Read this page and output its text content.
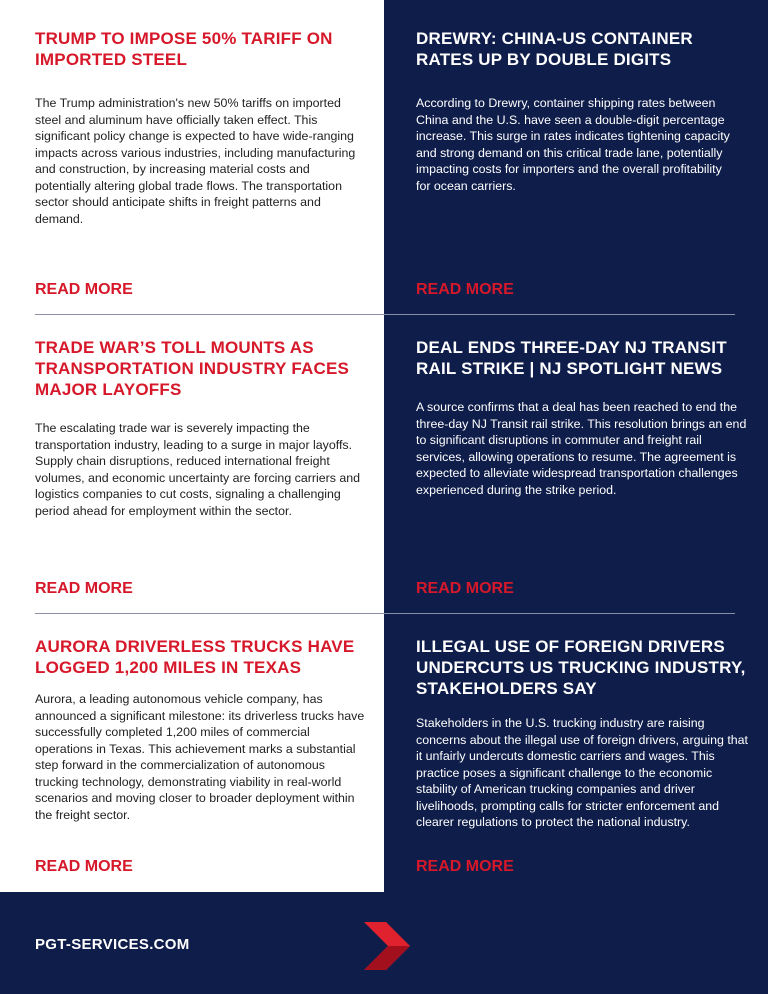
TRUMP TO IMPOSE 50% TARIFF ON IMPORTED STEEL

The Trump administration's new 50% tariffs on imported steel and aluminum have officially taken effect. This significant policy change is expected to have wide-ranging impacts across various industries, including manufacturing and construction, by increasing material costs and potentially altering global trade flows. The transportation sector should anticipate shifts in freight patterns and demand.

READ MORE
DREWRY: CHINA-US CONTAINER RATES UP BY DOUBLE DIGITS

According to Drewry, container shipping rates between China and the U.S. have seen a double-digit percentage increase. This surge in rates indicates tightening capacity and strong demand on this critical trade lane, potentially impacting costs for importers and the overall profitability for ocean carriers.

READ MORE
TRADE WAR’S TOLL MOUNTS AS TRANSPORTATION INDUSTRY FACES MAJOR LAYOFFS

The escalating trade war is severely impacting the transportation industry, leading to a surge in major layoffs. Supply chain disruptions, reduced international freight volumes, and economic uncertainty are forcing carriers and logistics companies to cut costs, signaling a challenging period ahead for employment within the sector.

READ MORE
DEAL ENDS THREE-DAY NJ TRANSIT RAIL STRIKE | NJ SPOTLIGHT NEWS

A source confirms that a deal has been reached to end the three-day NJ Transit rail strike. This resolution brings an end to significant disruptions in commuter and freight rail services, allowing operations to resume. The agreement is expected to alleviate widespread transportation challenges experienced during the strike period.

READ MORE
AURORA DRIVERLESS TRUCKS HAVE LOGGED 1,200 MILES IN TEXAS

Aurora, a leading autonomous vehicle company, has announced a significant milestone: its driverless trucks have successfully completed 1,200 miles of commercial operations in Texas. This achievement marks a substantial step forward in the commercialization of autonomous trucking technology, demonstrating viability in real-world scenarios and moving closer to broader deployment within the freight sector.

READ MORE
ILLEGAL USE OF FOREIGN DRIVERS UNDERCUTS US TRUCKING INDUSTRY, STAKEHOLDERS SAY

Stakeholders in the U.S. trucking industry are raising concerns about the illegal use of foreign drivers, arguing that it unfairly undercuts domestic carriers and wages. This practice poses a significant challenge to the economic stability of American trucking companies and driver livelihoods, prompting calls for stricter enforcement and clearer regulations to protect the national industry.

READ MORE
PGT-SERVICES.COM
